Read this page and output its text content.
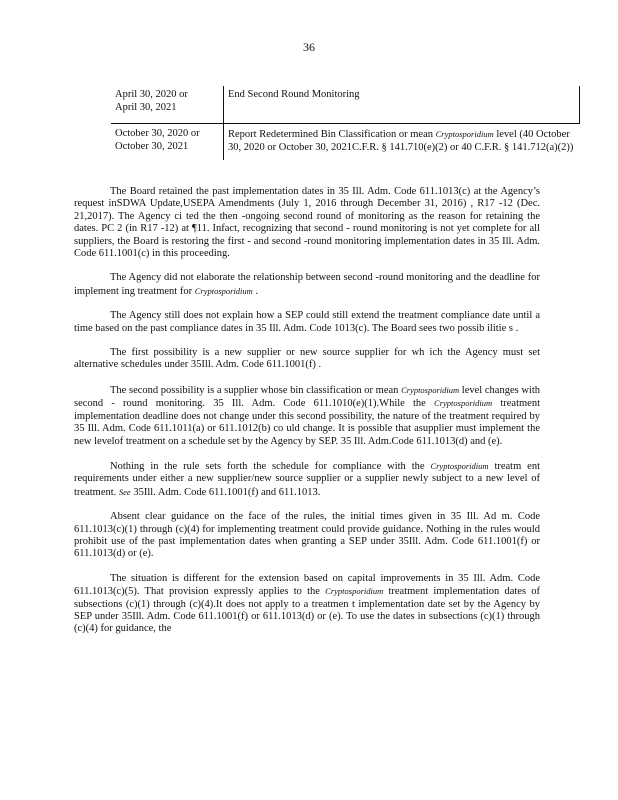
36
April 30, 2020 or
April 30, 2021	End Second Round Monitoring
October 30, 2020 or
October 30, 2021	Report Redetermined Bin Classification or mean Cryptosporidium level (40 October 30, 2020 or October 30, 2021C.F.R. § 141.710(e)(2) or 40 C.F.R. § 141.712(a)(2))

The Board retained the past implementation dates in 35 Ill. Adm. Code 611.1013(c) at the Agency’s request inSDWA Update,USEPA Amendments (July 1, 2016 through December 31, 2016) , R17 -12 (Dec. 21,2017). The Agency ci ted the then -ongoing second round of monitoring as the reason for retaining the dates. PC 2 (in R17 -12) at ¶11. Infact, recognizing that second - round monitoring is not yet complete for all suppliers, the Board is restoring the first - and second -round monitoring implementation dates in 35 Ill. Adm. Code 611.1001(c) in this proceeding.

The Agency did not elaborate the relationship between second -round monitoring and the deadline for implement ing treatment for Cryptosporidium .

The Agency still does not explain how a SEP could still extend the treatment compliance date until a time based on the past compliance dates in 35 Ill. Adm. Code 1013(c). The Board sees two possib ilitie s .

The first possibility is a new supplier or new source supplier for wh ich the Agency must set alternative schedules under 35Ill. Adm. Code 611.1001(f) .

The second possibility is a supplier whose bin classification or mean Cryptosporidium level changes with second - round monitoring. 35 Ill. Adm. Code 611.1010(e)(1).While the Cryptosporidium treatment implementation deadline does not change under this second possibility, the nature of the treatment required by 35 Ill. Adm. Code 611.1011(a) or 611.1012(b) co uld change. It is possible that asupplier must implement the new levelof treatment on a schedule set by the Agency by SEP. 35 Ill. Adm.Code 611.1013(d) and (e).

Nothing in the rule sets forth the schedule for compliance with the Cryptosporidium treatm ent requirements under either a new supplier/new source supplier or a supplier newly subject to a new level of treatment. See 35Ill. Adm. Code 611.1001(f) and 611.1013.

Absent clear guidance on the face of the rules, the initial times given in 35 Ill. Ad m. Code 611.1013(c)(1) through (c)(4) for implementing treatment could provide guidance. Nothing in the rules would prohibit use of the past implementation dates when granting a SEP under 35Ill. Adm. Code 611.1001(f) or 611.1013(d) or (e).

The situation is different for the extension based on capital improvements in 35 Ill. Adm. Code 611.1013(c)(5). That provision expressly applies to the Cryptosporidium treatment implementation dates of subsections (c)(1) through (c)(4).It does not apply to a treatmen t implementation date set by the Agency by SEP under 35Ill. Adm. Code 611.1001(f) or 611.1013(d) or (e). To use the dates in subsections (c)(1) through (c)(4) for guidance, the
